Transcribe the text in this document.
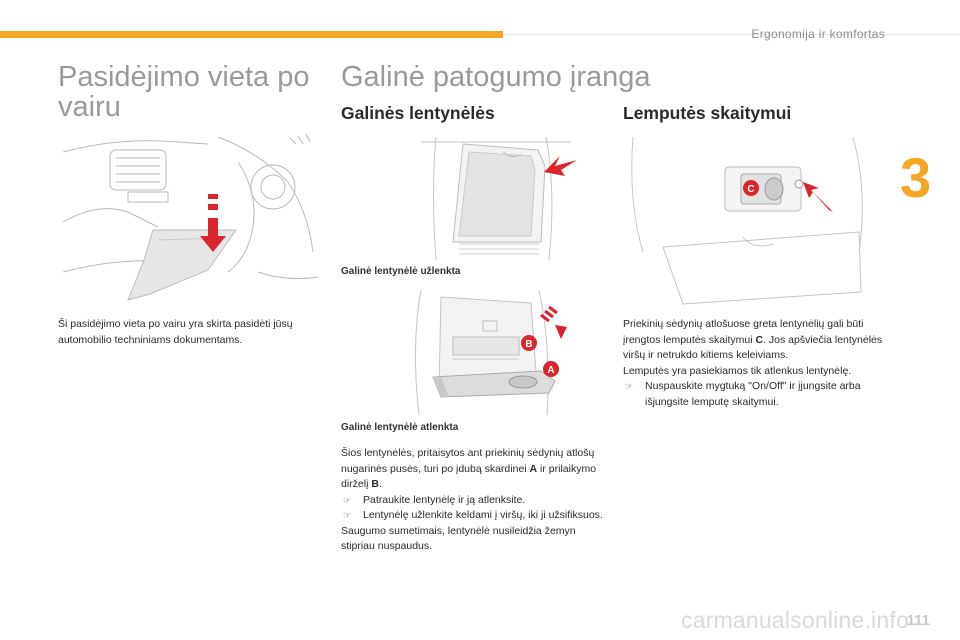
Ergonomija ir komfortas
3
Pasidėjimo vieta po vairu

Ši pasidėjimo vieta po vairu yra skirta pasidėti jūsų automobilio techniniams dokumentams.

Galinė patogumo įranga
Galinės lentynėlės
Galinė lentynėlė užlenkta
B
A
Galinė lentynėlė atlenkta

Šios lentynėlės, pritaisytos ant priekinių sėdynių atlošų nugarinės pusės, turi po įdubą skardinei A ir prilaikymo dirželį B.

☞	Patraukite lentynėlę ir ją atlenksite.
☞	Lentynėlę užlenkite keldami į viršų, iki ji užsifiksuos.

Saugumo sumetimais, lentynėlė nusileidžia žemyn stipriau nuspaudus.

Lemputės skaitymui
C

Priekinių sėdynių atlošuose greta lentynėlių gali būti įrengtos lemputės skaitymui C. Jos apšviečia lentynėlės viršų ir netrukdo kitiems keleiviams.

Lemputės yra pasiekiamos tik atlenkus lentynėlę.

☞	Nuspauskite mygtuką "On/Off" ir įjungsite arba išjungsite lemputę skaitymui.
carmanualsonline.info
111
